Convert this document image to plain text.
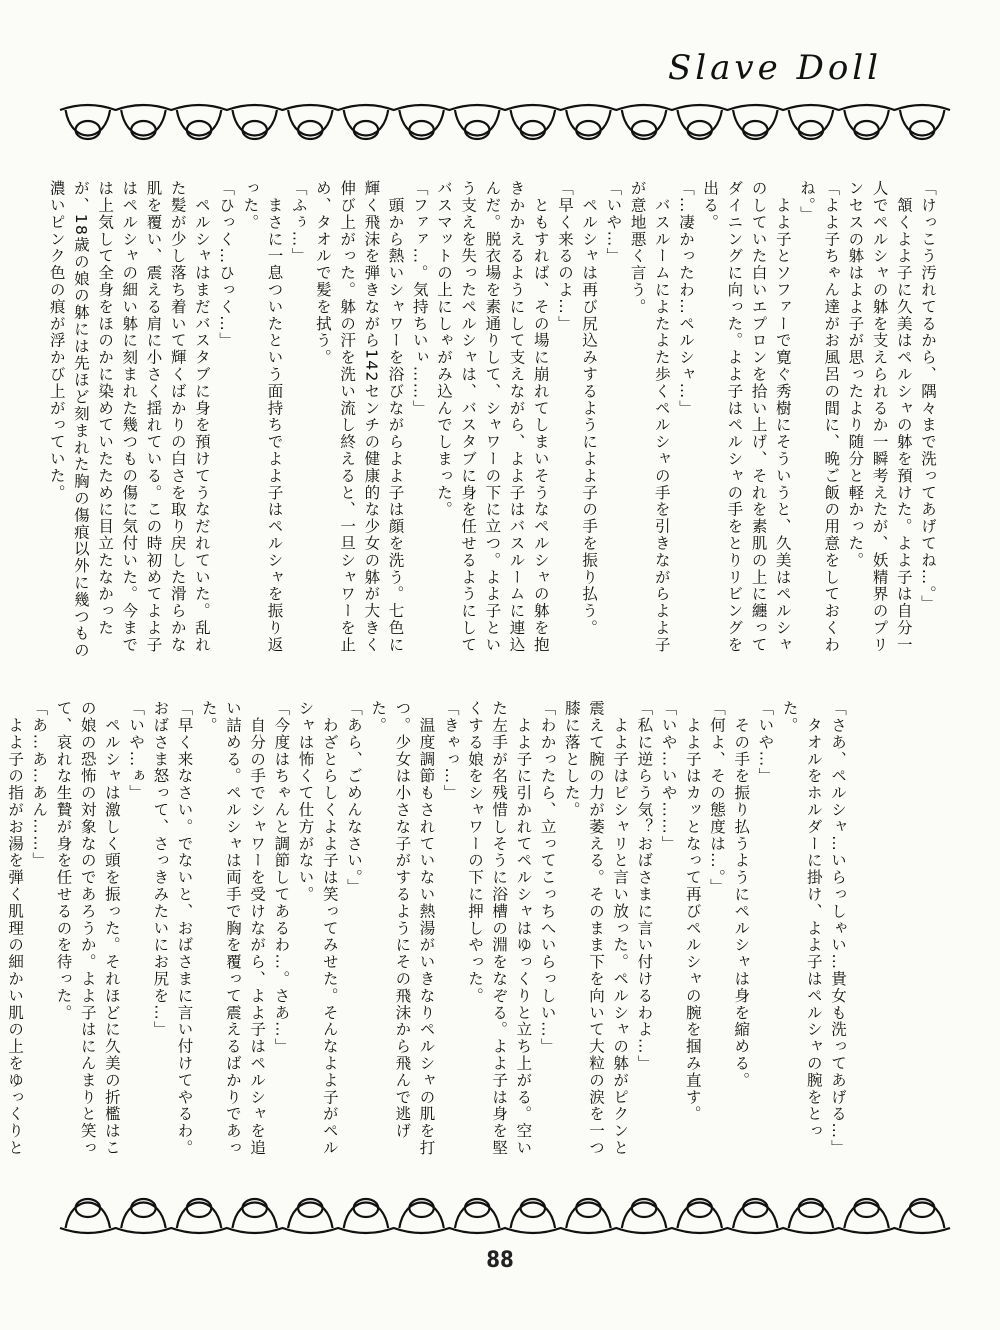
Slave Doll

「けっこう汚れてるから、隅々まで洗ってあげてね…。」

　頷くよよ子に久美はペルシャの躰を預けた。よよ子は自分一人でペルシャの躰を支えられるか一瞬考えたが、妖精界のプリンセスの躰はよよ子が思ったより随分と軽かった。

「よよ子ちゃん達がお風呂の間に、晩ご飯の用意をしておくわね。」

　よよ子とソファーで寛ぐ秀樹にそういうと、久美はペルシャのしていた白いエプロンを拾い上げ、それを素肌の上に纏ってダイニングに向った。よよ子はペルシャの手をとりリビングを出る。

「…凄かったわ…ペルシャ…」

　バスルームによたよた歩くペルシャの手を引きながらよよ子が意地悪く言う。

「いや…」

　ペルシャは再び尻込みするようによよ子の手を振り払う。

「早く来るのよ…」

　ともすれば、その場に崩れてしまいそうなペルシャの躰を抱きかかえるようにして支えながら、よよ子はバスルームに連込んだ。脱衣場を素通りして、シャワーの下に立つ。よよ子という支えを失ったペルシャは、バスタブに身を任せるようにしてバスマットの上にしゃがみ込んでしまった。

「ファァ…。気持ちいぃ……」

　頭から熱いシャワーを浴びながらよよ子は顔を洗う。七色に輝く飛沫を弾きながら142センチの健康的な少女の躰が大きく伸び上がった。躰の汗を洗い流し終えると、一旦シャワーを止め、タオルで髪を拭う。

「ふぅ…」

　まさに一息ついたという面持ちでよよ子はペルシャを振り返った。

「ひっく…ひっく…」

　ペルシャはまだバスタブに身を預けてうなだれていた。乱れた髪が少し落ち着いて輝くばかりの白さを取り戻した滑らかな肌を覆い、震える肩に小さく揺れている。この時初めてよよ子はペルシャの細い躰に刻まれた幾つもの傷に気付いた。今までは上気して全身をほのかに染めていたために目立たなかったが、18歳の娘の躰には先ほど刻まれた胸の傷痕以外に幾つもの濃いピンク色の痕が浮かび上がっていた。

「さあ、ペルシャ…いらっしゃい…貴女も洗ってあげる…」

　タオルをホルダーに掛け、よよ子はペルシャの腕をとった。

「いや…」

　その手を振り払うようにペルシャは身を縮める。

「何よ、その態度は…。」

　よよ子はカッとなって再びペルシャの腕を掴み直す。

「いや…いや……」

「私に逆らう気？おばさまに言い付けるわよ…」

　よよ子はピシャリと言い放った。ペルシャの躰がピクンと震えて腕の力が萎える。そのまま下を向いて大粒の涙を一つ膝に落とした。

「わかったら、立ってこっちへいらっしい…」

　よよ子に引かれてペルシャはゆっくりと立ち上がる。空いた左手が名残惜しそうに浴槽の淵をなぞる。よよ子は身を堅くする娘をシャワーの下に押しやった。

「きゃっ…」

　温度調節もされていない熱湯がいきなりペルシャの肌を打つ。少女は小さな子がするようにその飛沫から飛んで逃げた。

「あら、ごめんなさい。」

　わざとらしくよよ子は笑ってみせた。そんなよよ子がペルシャは怖くて仕方がない。

「今度はちゃんと調節してあるわ…。さあ…」

　自分の手でシャワーを受けながら、よよ子はペルシャを追い詰める。ペルシャは両手で胸を覆って震えるばかりであった。

「早く来なさい。でないと、おばさまに言い付けてやるわ。おばさま怒って、さっきみたいにお尻を…」

「いや…ぁ」

　ペルシャは激しく頭を振った。それほどに久美の折檻はこの娘の恐怖の対象なのであろうか。よよ子はにんまりと笑って、哀れな生贄が身を任せるのを待った。

「あ…あ…あん……」

　よよ子の指がお湯を弾く肌理の細かい肌の上をゆっくりと

88
